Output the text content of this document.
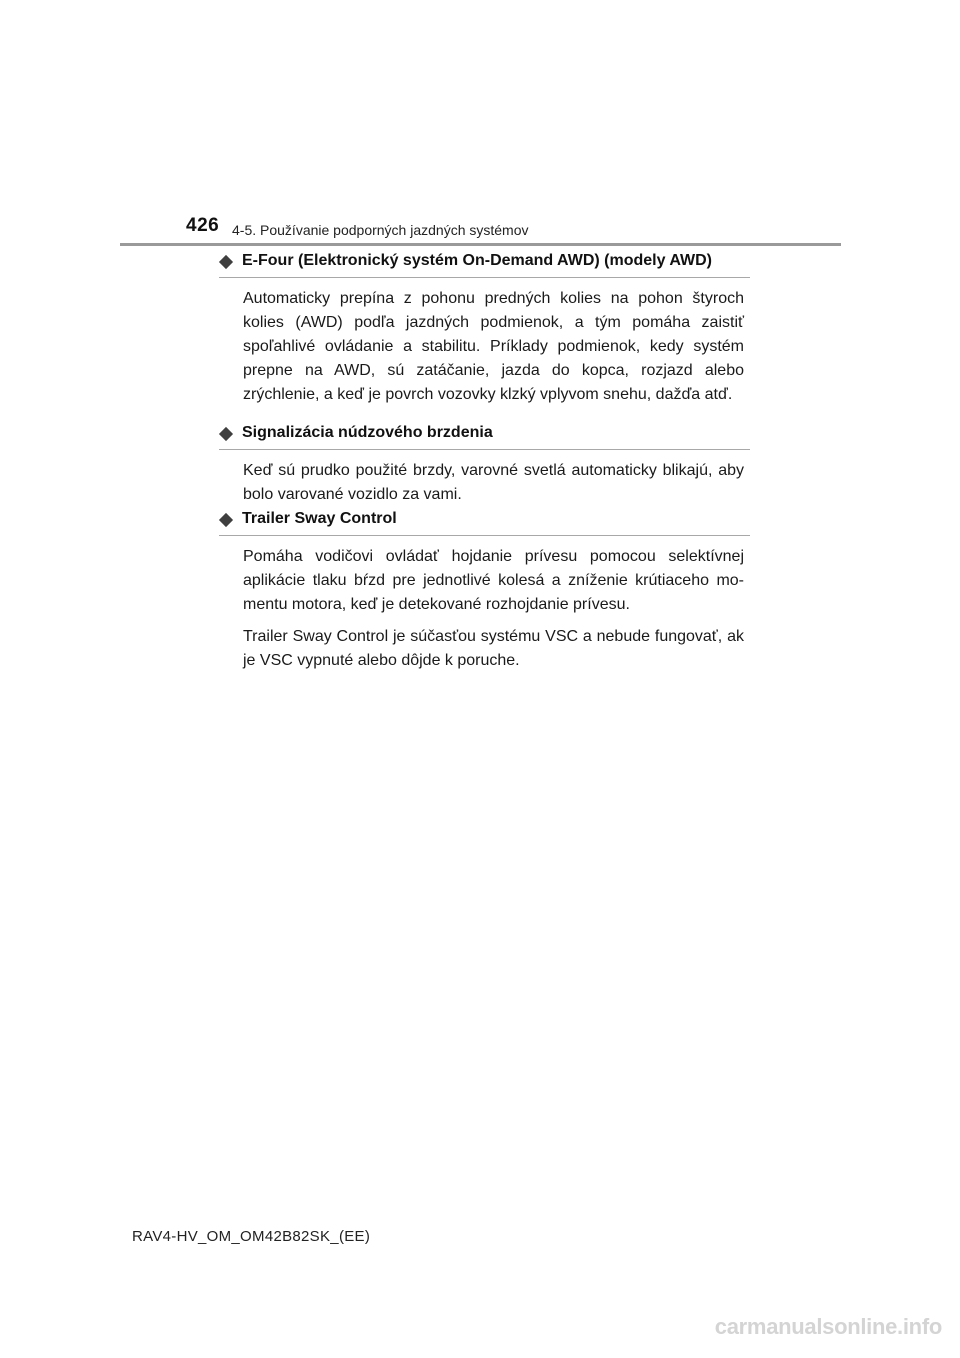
426 4-5. Používanie podporných jazdných systémov
E-Four (Elektronický systém On-Demand AWD) (modely AWD)

Automaticky prepína z pohonu predných kolies na pohon štyroch kolies (AWD) podľa jazdných podmienok, a tým pomáha zaistiť spoľahlivé ovládanie a stabilitu. Príklady podmienok, kedy systém prepne na AWD, sú zatáčanie, jazda do kopca, rozjazd alebo zrýchlenie, a keď je povrch vozovky klzký vplyvom snehu, dažďa atď.

Signalizácia núdzového brzdenia

Keď sú prudko použité brzdy, varovné svetlá automaticky blikajú, aby bolo varované vozidlo za vami.

Trailer Sway Control

Pomáha vodičovi ovládať hojdanie prívesu pomocou selektívnej aplikácie tlaku bŕzd pre jednotlivé kolesá a zníženie krútiaceho mo-mentu motora, keď je detekované rozhojdanie prívesu.

Trailer Sway Control je súčasťou systému VSC a nebude fungovať, ak je VSC vypnuté alebo dôjde k poruche.

RAV4-HV_OM_OM42B82SK_(EE)
carmanualsonline.info
